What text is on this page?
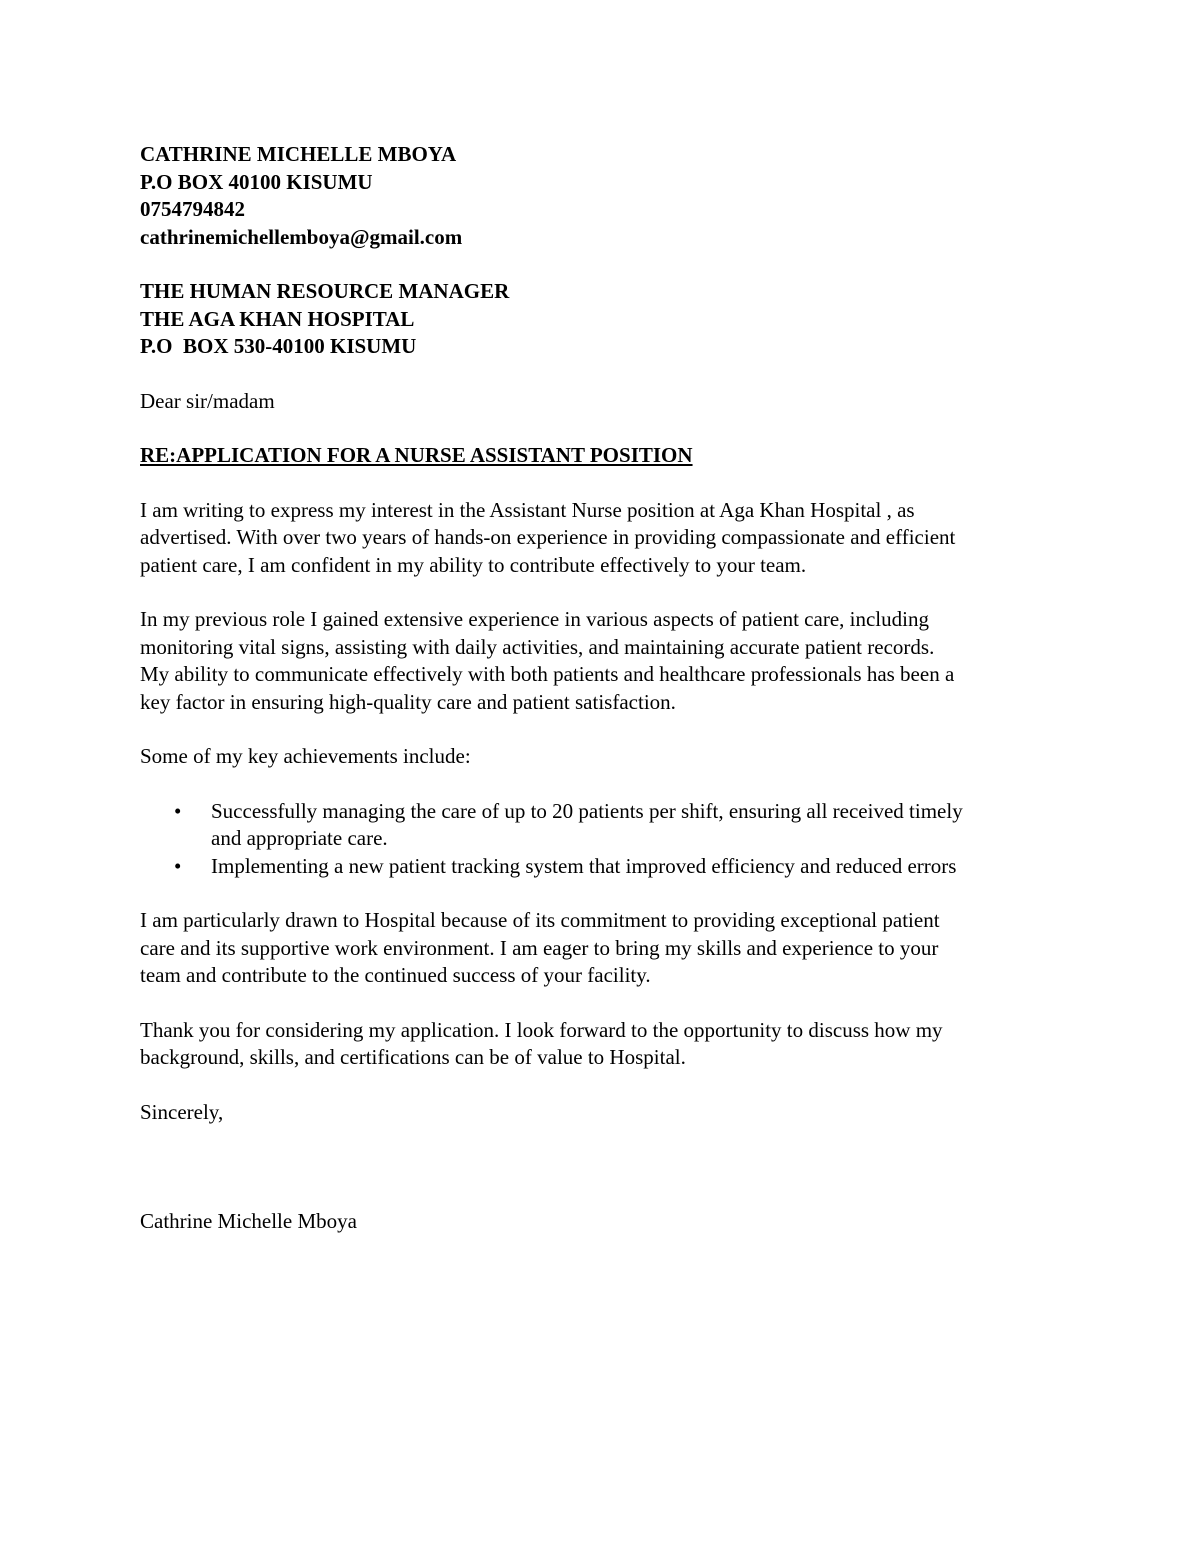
CATHRINE MICHELLE MBOYA
P.O BOX 40100 KISUMU
0754794842
cathrinemichellemboya@gmail.com
THE HUMAN RESOURCE MANAGER
THE AGA KHAN HOSPITAL
P.O  BOX 530-40100 KISUMU
Dear sir/madam
RE:APPLICATION FOR A NURSE ASSISTANT POSITION

I am writing to express my interest in the Assistant Nurse position at Aga Khan Hospital , as
advertised. With over two years of hands-on experience in providing compassionate and efficient
patient care, I am confident in my ability to contribute effectively to your team.

In my previous role I gained extensive experience in various aspects of patient care, including
monitoring vital signs, assisting with daily activities, and maintaining accurate patient records.
My ability to communicate effectively with both patients and healthcare professionals has been a
key factor in ensuring high-quality care and patient satisfaction.

Some of my key achievements include:

• Successfully managing the care of up to 20 patients per shift, ensuring all received timely
and appropriate care.
• Implementing a new patient tracking system that improved efficiency and reduced errors

I am particularly drawn to Hospital because of its commitment to providing exceptional patient
care and its supportive work environment. I am eager to bring my skills and experience to your
team and contribute to the continued success of your facility.

Thank you for considering my application. I look forward to the opportunity to discuss how my
background, skills, and certifications can be of value to Hospital.

Sincerely,
Cathrine Michelle Mboya
